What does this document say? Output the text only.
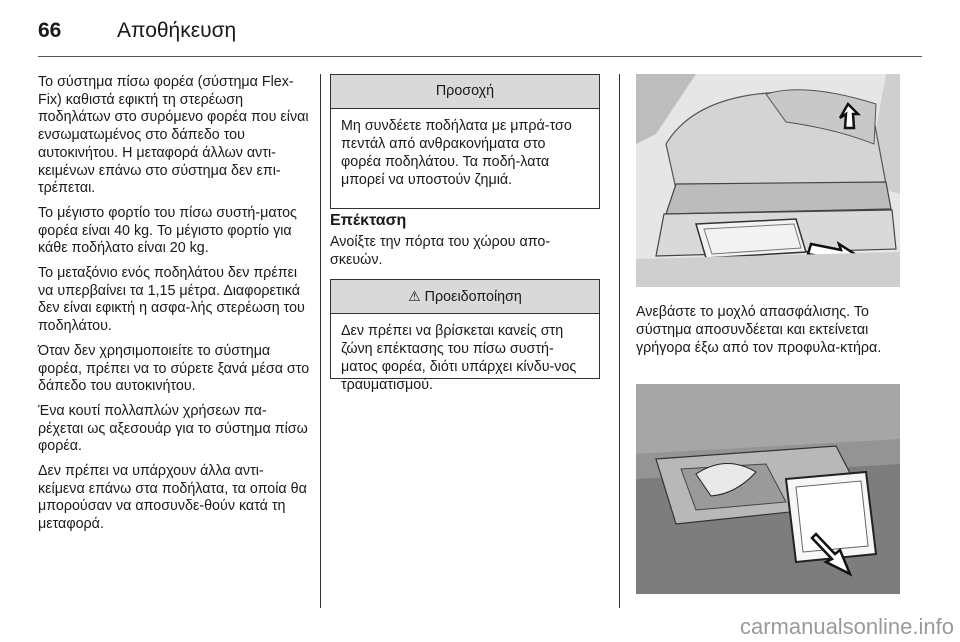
66	Αποθήκευση

Το σύστημα πίσω φορέα (σύστημα Flex-Fix) καθιστά εφικτή τη στερέωση ποδηλάτων στο συρόμενο φορέα που είναι ενσωματωμένος στο δάπεδο του αυτοκινήτου. Η μεταφορά άλλων αντι-κειμένων επάνω στο σύστημα δεν επι-τρέπεται.

Το μέγιστο φορτίο του πίσω συστή-ματος φορέα είναι 40 kg. Το μέγιστο φορτίο για κάθε ποδήλατο είναι 20 kg.

Το μεταξόνιο ενός ποδηλάτου δεν πρέπει να υπερβαίνει τα 1,15 μέτρα. Διαφορετικά δεν είναι εφικτή η ασφα-λής στερέωση του ποδηλάτου.

Όταν δεν χρησιμοποιείτε το σύστημα φορέα, πρέπει να το σύρετε ξανά μέσα στο δάπεδο του αυτοκινήτου.

Ένα κουτί πολλαπλών χρήσεων πα-ρέχεται ως αξεσουάρ για το σύστημα πίσω φορέα.

Δεν πρέπει να υπάρχουν άλλα αντι-κείμενα επάνω στα ποδήλατα, τα οποία θα μπορούσαν να αποσυνδε-θούν κατά τη μεταφορά.

Προσοχή
Μη συνδέετε ποδήλατα με μπρά-τσο πεντάλ από ανθρακονήματα στο φορέα ποδηλάτου. Τα ποδή-λατα μπορεί να υποστούν ζημιά.
Επέκταση
Ανοίξτε την πόρτα του χώρου απο-σκευών.
⚠ Προειδοποίηση
Δεν πρέπει να βρίσκεται κανείς στη ζώνη επέκτασης του πίσω συστή-ματος φορέα, διότι υπάρχει κίνδυ-νος τραυματισμού.
Ανεβάστε το μοχλό απασφάλισης. Το σύστημα αποσυνδέεται και εκτείνεται γρήγορα έξω από τον προφυλα-κτήρα.
carmanualsonline.info
